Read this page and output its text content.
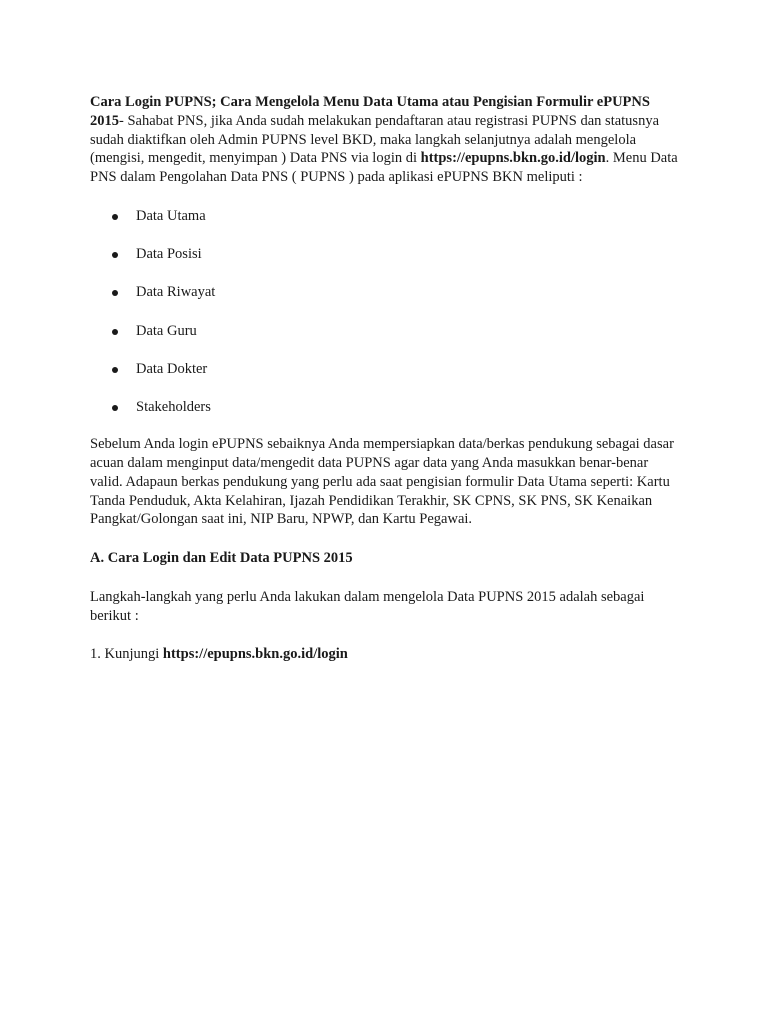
Cara Login PUPNS; Cara Mengelola Menu Data Utama atau Pengisian Formulir ePUPNS 2015- Sahabat PNS, jika Anda sudah melakukan pendaftaran atau registrasi PUPNS dan statusnya sudah diaktifkan oleh Admin PUPNS level BKD, maka langkah selanjutnya adalah mengelola (mengisi, mengedit, menyimpan ) Data PNS via login di https://epupns.bkn.go.id/login. Menu Data PNS dalam Pengolahan Data PNS ( PUPNS ) pada aplikasi ePUPNS BKN meliputi :

Data Utama
Data Posisi
Data Riwayat
Data Guru
Data Dokter
Stakeholders

Sebelum Anda login ePUPNS sebaiknya Anda mempersiapkan data/berkas pendukung sebagai dasar acuan dalam menginput data/mengedit data PUPNS agar data yang Anda masukkan benar-benar valid. Adapaun berkas pendukung yang perlu ada saat pengisian formulir Data Utama seperti: Kartu Tanda Penduduk, Akta Kelahiran, Ijazah Pendidikan Terakhir, SK CPNS, SK PNS, SK Kenaikan Pangkat/Golongan saat ini, NIP Baru, NPWP, dan Kartu Pegawai.

A. Cara Login dan Edit Data PUPNS 2015

Langkah-langkah yang perlu Anda lakukan dalam mengelola Data PUPNS 2015 adalah sebagai berikut :

1. Kunjungi https://epupns.bkn.go.id/login
